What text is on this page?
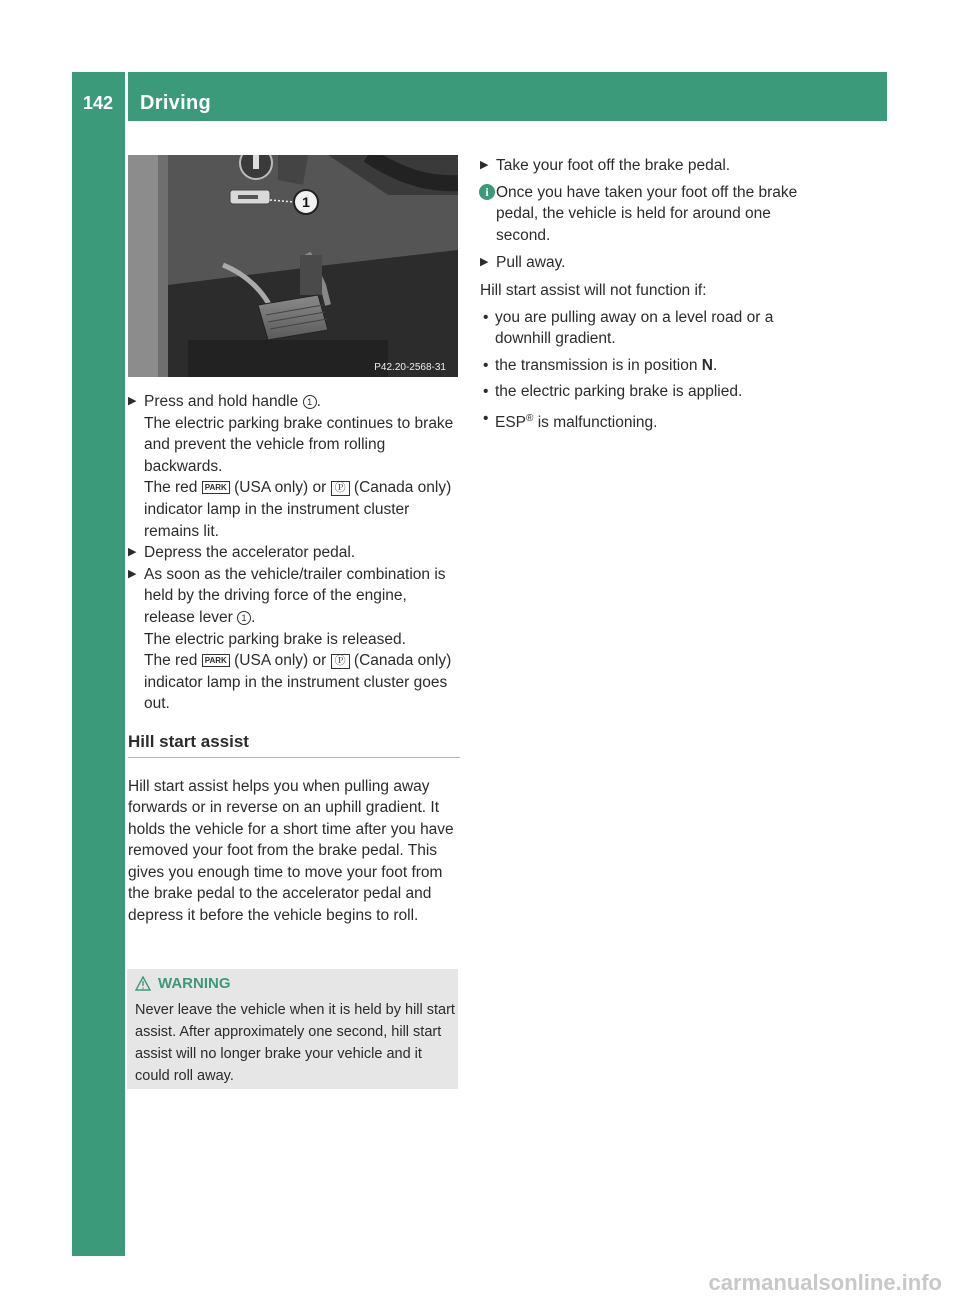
142	Driving
Driving and parking
1
P42.20-2568-31

▶ Press and hold handle 1 .

The electric parking brake continues to brake and prevent the vehicle from rolling backwards.

The red PARK (USA only) or Ⓟ (Canada only) indicator lamp in the instrument cluster remains lit.

▶ Depress the accelerator pedal.

▶ As soon as the vehicle/trailer combination is held by the driving force of the engine, release lever 1 .

The electric parking brake is released.

The red PARK (USA only) or Ⓟ (Canada only) indicator lamp in the instrument cluster goes out.

Hill start assist

Hill start assist helps you when pulling away forwards or in reverse on an uphill gradient. It holds the vehicle for a short time after you have removed your foot from the brake pedal. This gives you enough time to move your foot from the brake pedal to the accelerator pedal and depress it before the vehicle begins to roll.

WARNING
Never leave the vehicle when it is held by hill start assist. After approximately one second, hill start assist will no longer brake your vehicle and it could roll away.

▶ Take your foot off the brake pedal.

i Once you have taken your foot off the brake pedal, the vehicle is held for around one second.

▶ Pull away.

Hill start assist will not function if:

• you are pulling away on a level road or a downhill gradient.

• the transmission is in position N.

• the electric parking brake is applied.

• ESP® is malfunctioning.

carmanualsonline.info
